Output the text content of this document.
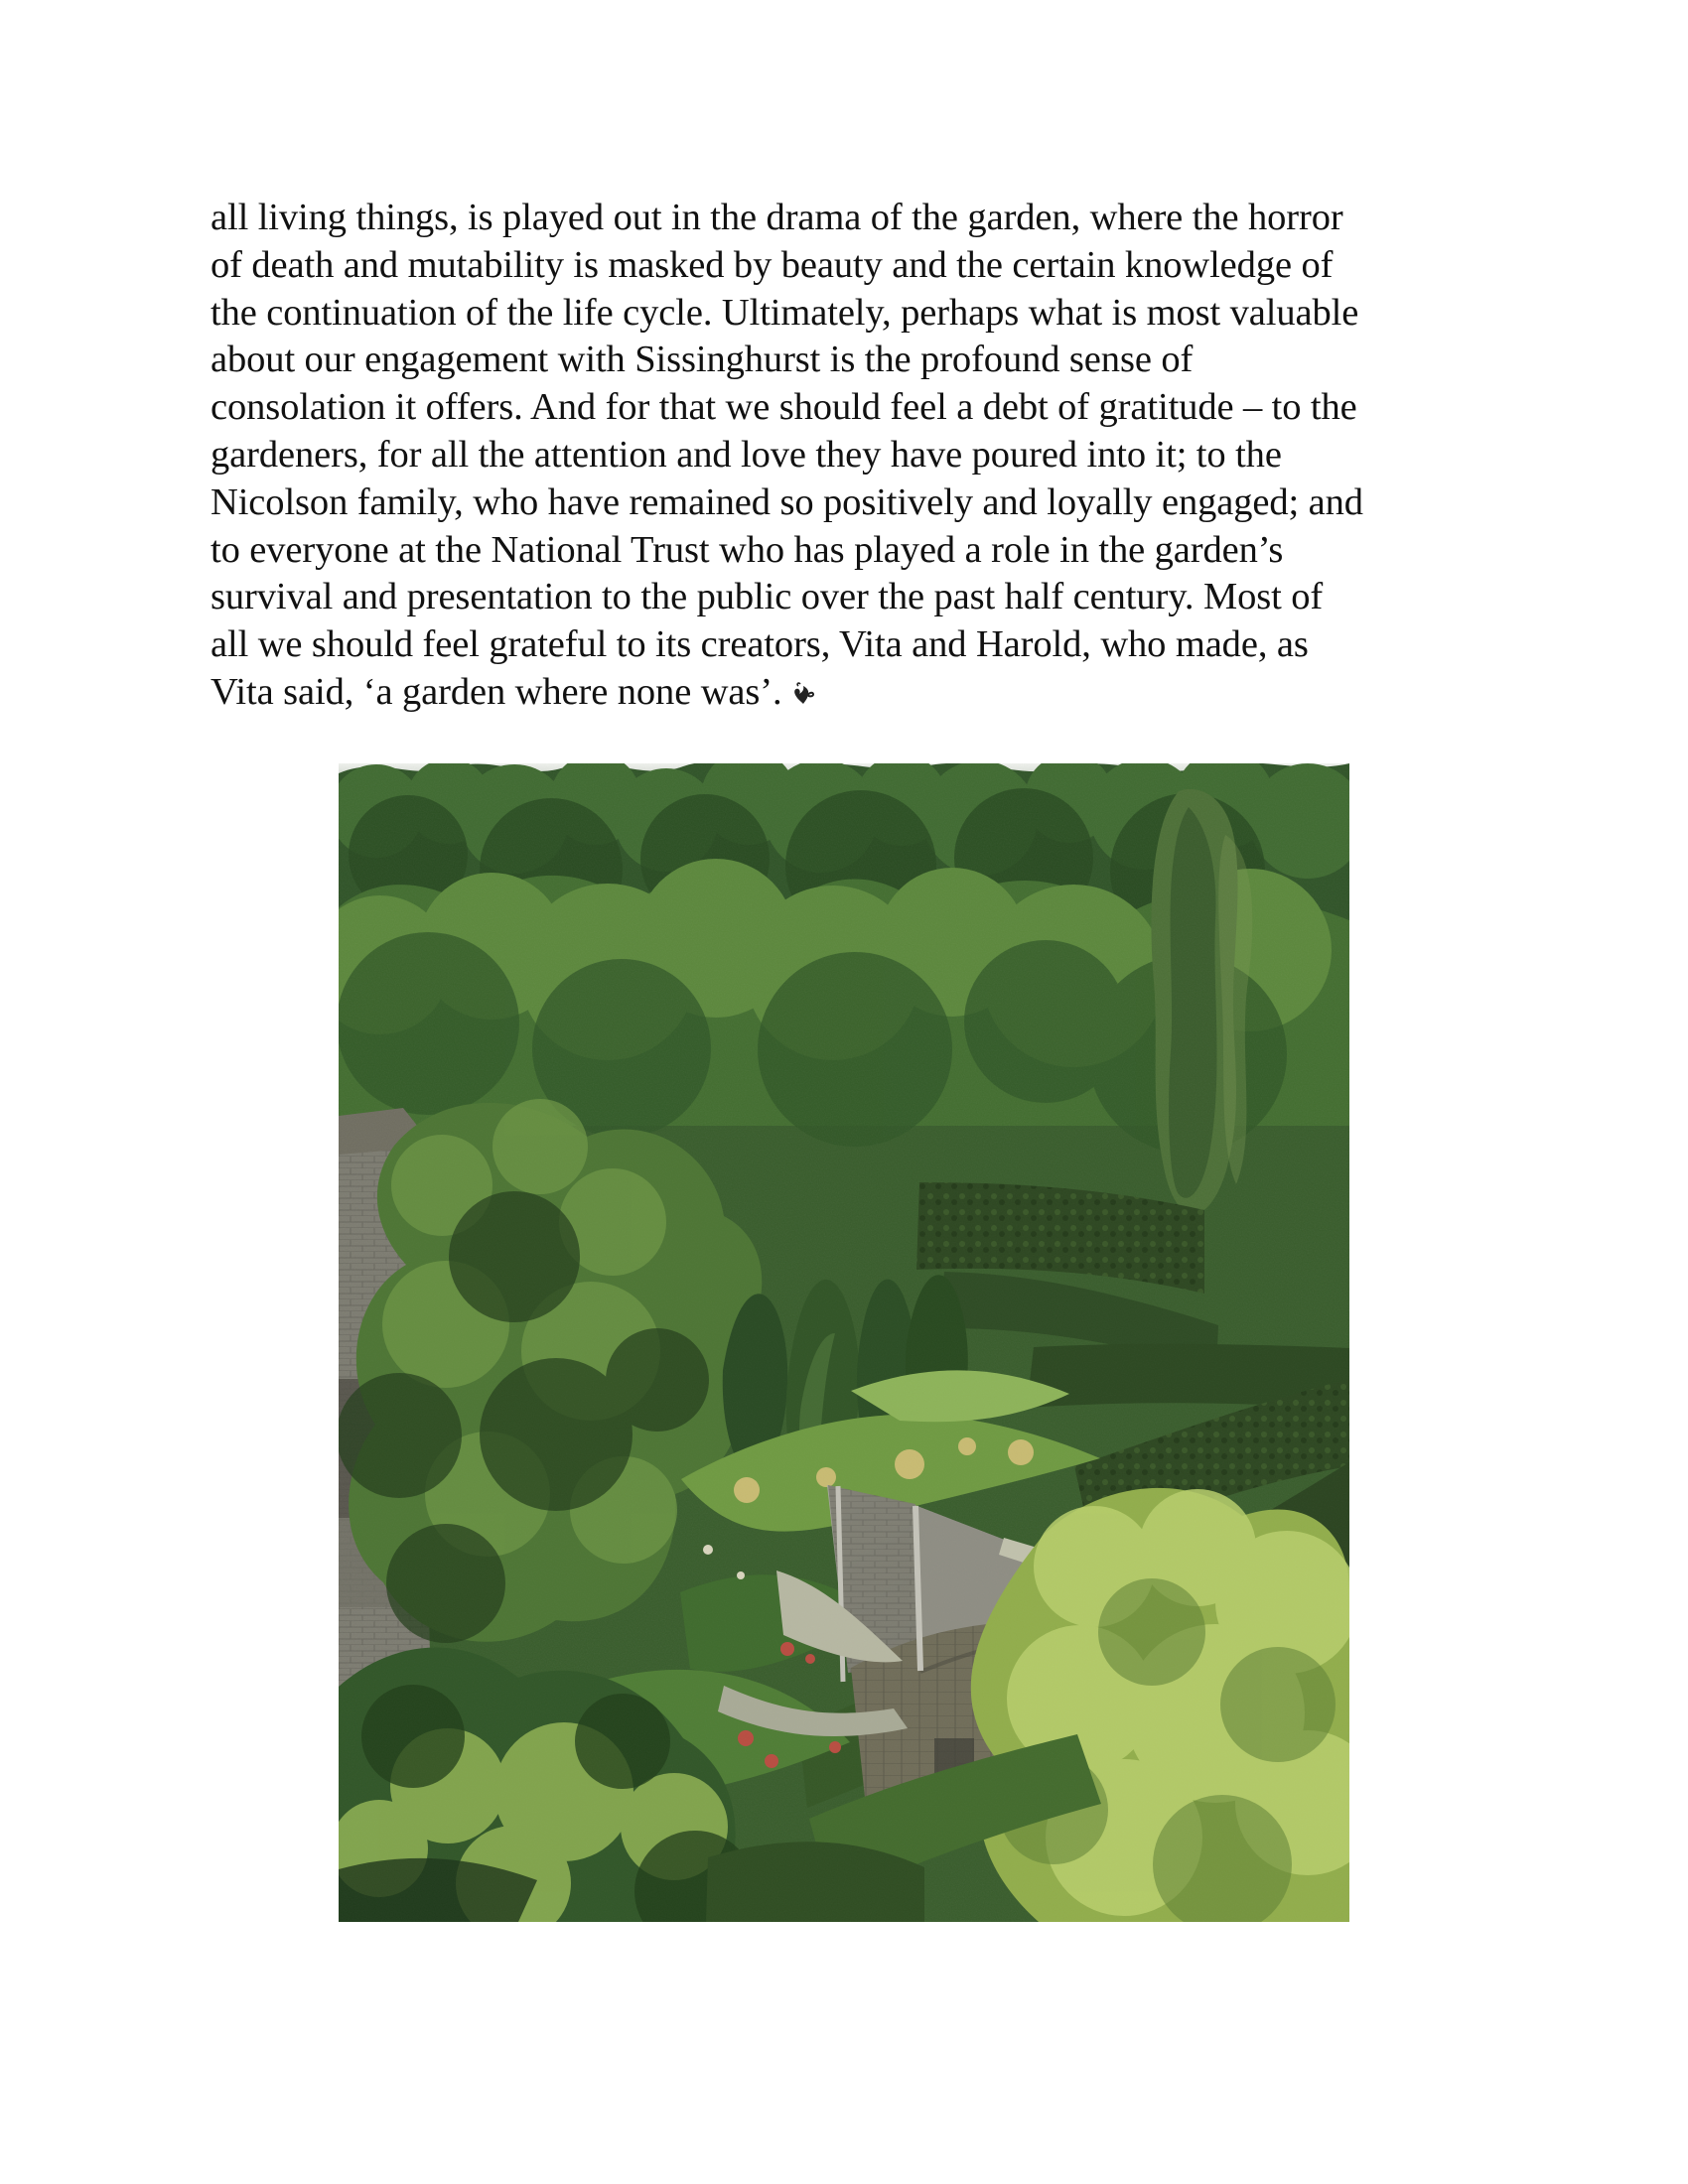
all living things, is played out in the drama of the garden, where the horror
of death and mutability is masked by beauty and the certain knowledge of
the continuation of the life cycle. Ultimately, perhaps what is most valuable
about our engagement with Sissinghurst is the profound sense of
consolation it offers. And for that we should feel a debt of gratitude – to the
gardeners, for all the attention and love they have poured into it; to the
Nicolson family, who have remained so positively and loyally engaged; and
to everyone at the National Trust who has played a role in the garden’s
survival and presentation to the public over the past half century. Most of
all we should feel grateful to its creators, Vita and Harold, who made, as
Vita said, ‘a garden where none was’.
